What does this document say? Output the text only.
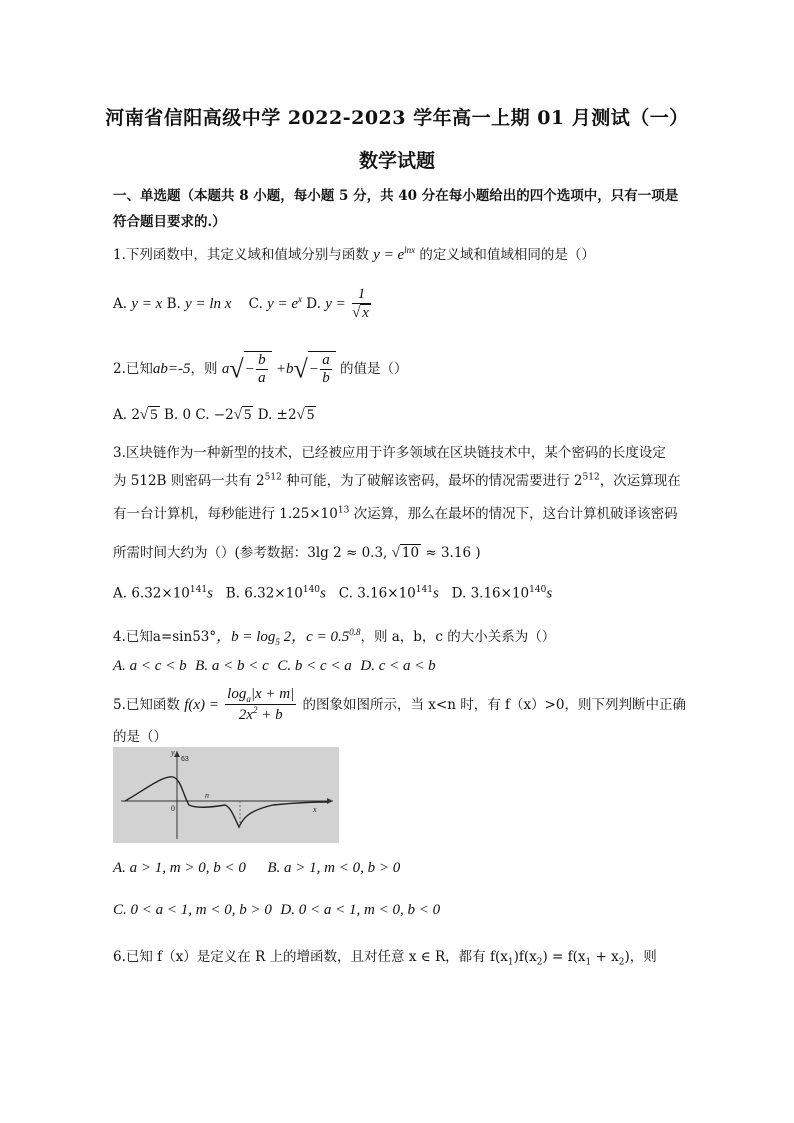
河南省信阳高级中学 2022-2023 学年高一上期 01 月测试（一）
数学试题
一、单选题（本题共 8 小题，每小题 5 分，共 40 分在每小题给出的四个选项中，只有一项是
符合题目要求的.）
1.下列函数中，其定义域和值域分别与函数 $y = e^{lnx}$ 的定义域和值域相同的是（）
A. y = x B. y = ln x C. $y = e^x$ D. $y = \frac{1}{√ x}$
2.已知ab=-5，则 $a√ - \frac{b}{a} +b√ - \frac{a}{b}$ 的值是（）
A. 2√ 5 B. 0 C. −2√ 5 D. ±2√ 5
3.区块链作为一种新型的技术，已经被应用于许多领域在区块链技术中，某个密码的长度设定
为 512B 则密码一共有 $2^{512}$ 种可能，为了破解该密码，最坏的情况需要进行 $2^{512}$，次运算现在
有一台计算机，每秒能进行 $1.25\times 10^{13}$ 次运算，那么在最坏的情况下，这台计算机破译该密码
所需时间大约为（）(参考数据：3lg 2 ≈ 0.3, √ 10 ≈ 3.16 )
A. $6.32\times 10^{141}s$ B. $6.32\times 10^{140}s$ C. $3.16\times 10^{141}s$ D. $3.16\times 10^{140}s$
4.已知a=sin53°，$b = \log_5 2$，$c = 0.5^{0.8}$，则 a，b，c 的大小关系为（）
A. a < c < b B. a < b < c C. b < c < a D. c < a < b
5.已知函数 $f(x) = \frac{\log_a|x + m|}{2x^2 + b}$ 的图象如图所示，当 x<n 时，有 f（x）>0，则下列判断中正确
的是（）
63
y
0
n
x
A. a > 1, m > 0, b < 0 B. a > 1, m < 0, b > 0
C. 0 < a < 1, m < 0, b > 0 D. 0 < a < 1, m < 0, b < 0
6.已知 f（x）是定义在 R 上的增函数，且对任意 x ∈ R，都有 $f(x_1)f(x_2) = f(x_1 + x_2)$，则
